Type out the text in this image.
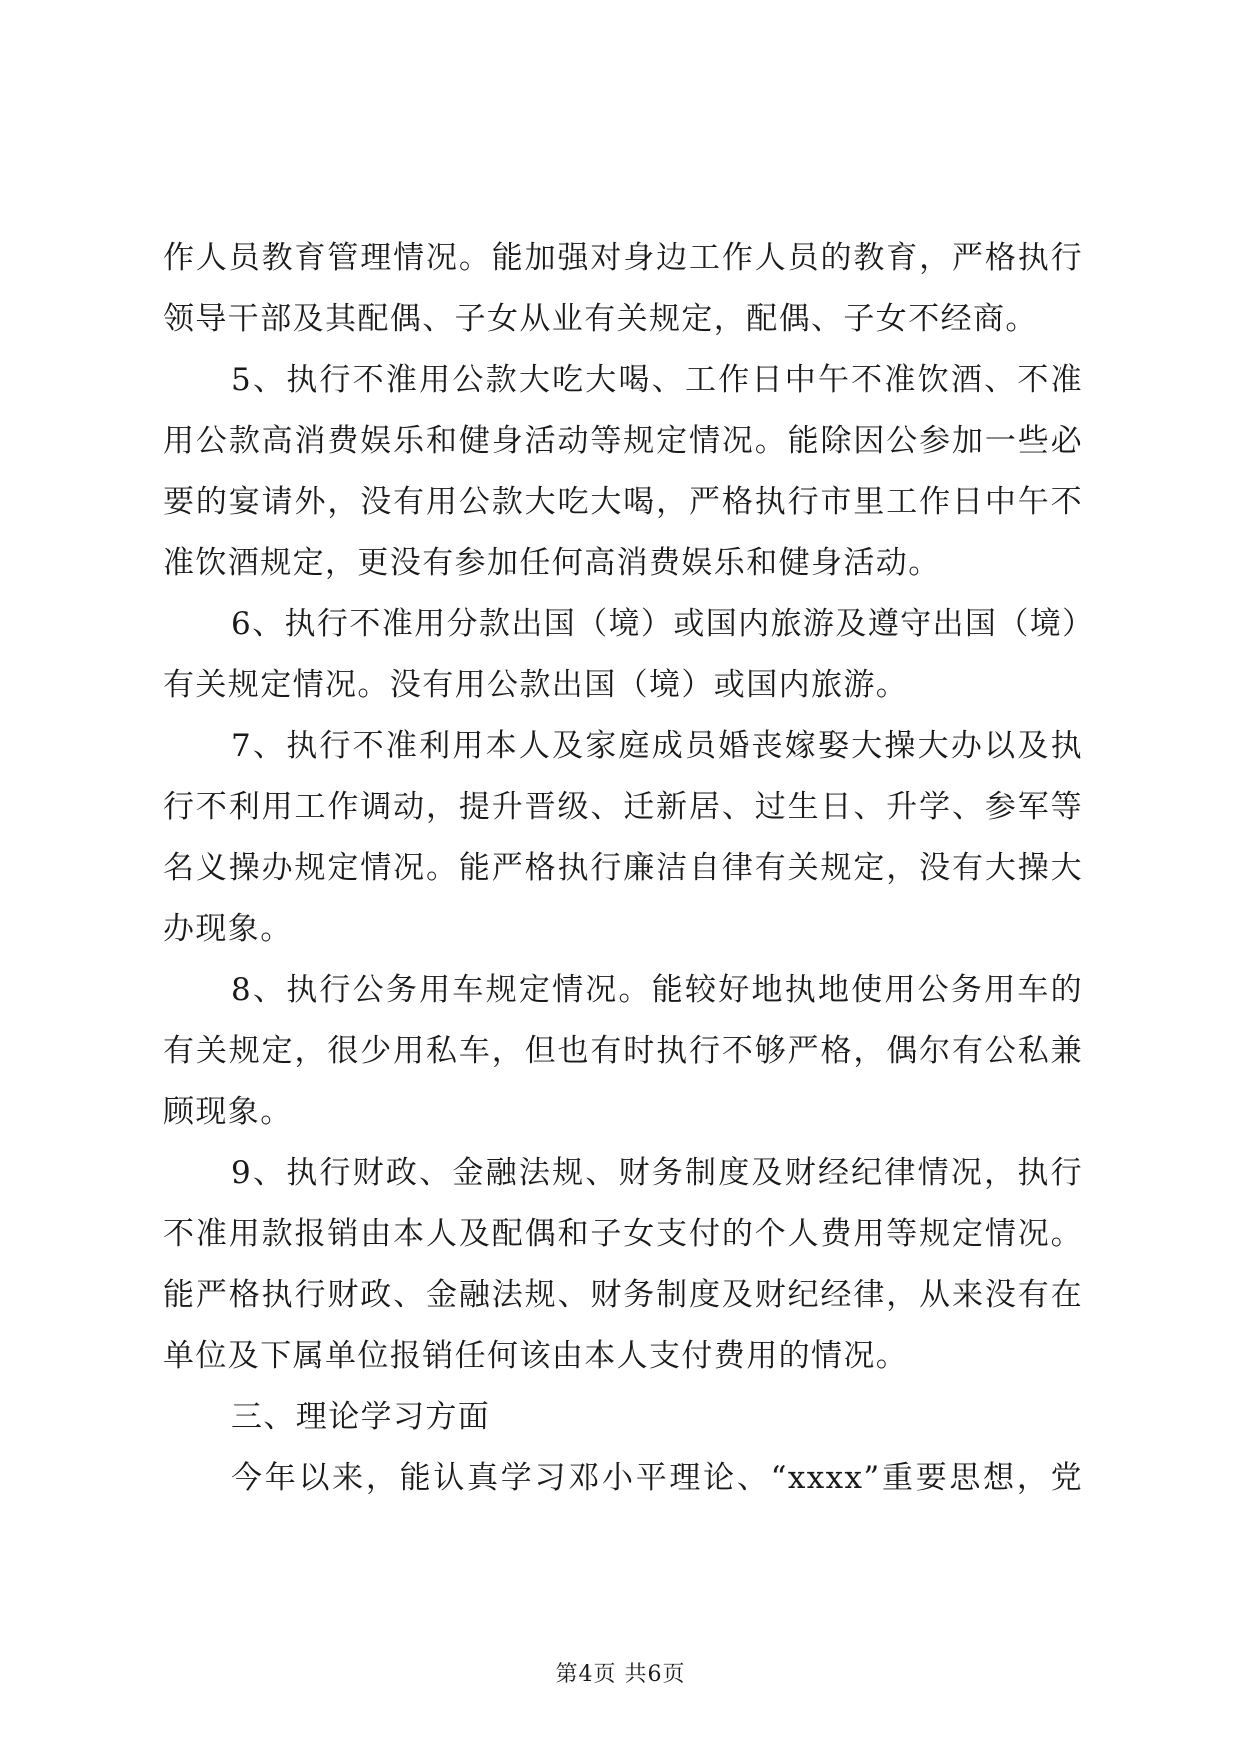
作人员教育管理情况。能加强对身边工作人员的教育，严格执行
领导干部及其配偶、子女从业有关规定，配偶、子女不经商。
5、执行不淮用公款大吃大喝、工作日中午不准饮酒、不准
用公款高消费娱乐和健身活动等规定情况。能除因公参加一些必
要的宴请外，没有用公款大吃大喝，严格执行市里工作日中午不
准饮酒规定，更没有参加任何高消费娱乐和健身活动。
6、执行不准用分款出国（境）或国内旅游及遵守出国（境）
有关规定情况。没有用公款出国（境）或国内旅游。
7、执行不准利用本人及家庭成员婚丧嫁娶大操大办以及执
行不利用工作调动，提升晋级、迁新居、过生日、升学、参军等
名义操办规定情况。能严格执行廉洁自律有关规定，没有大操大
办现象。
8、执行公务用车规定情况。能较好地执地使用公务用车的
有关规定，很少用私车，但也有时执行不够严格，偶尔有公私兼
顾现象。
9、执行财政、金融法规、财务制度及财经纪律情况，执行
不准用款报销由本人及配偶和子女支付的个人费用等规定情况。
能严格执行财政、金融法规、财务制度及财纪经律，从来没有在
单位及下属单位报销任何该由本人支付费用的情况。
三、理论学习方面
今年以来，能认真学习邓小平理论、“xxxx”重要思想，党
第4页 共6页
